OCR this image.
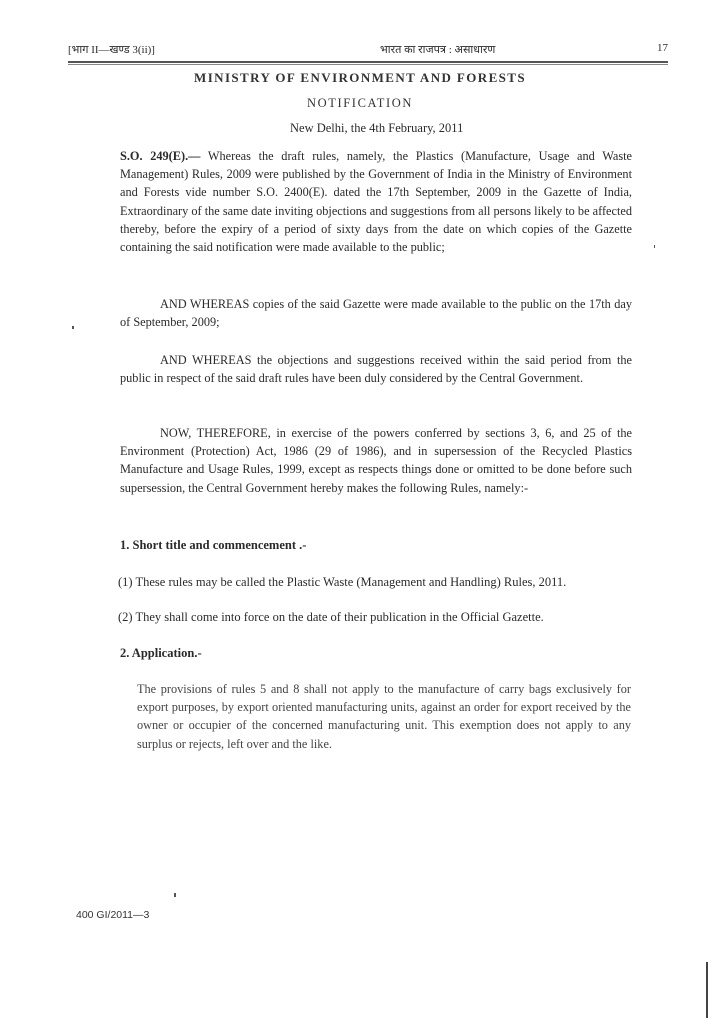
[भाग II—खण्ड 3(ii)]	भारत का राजपत्र : असाधारण	17
MINISTRY OF ENVIRONMENT AND FORESTS
NOTIFICATION
New Delhi, the 4th February, 2011
S.O. 249(E).— Whereas the draft rules, namely, the Plastics (Manufacture, Usage and Waste Management) Rules, 2009 were published by the Government of India in the Ministry of Environment and Forests vide number S.O. 2400(E). dated the 17th September, 2009 in the Gazette of India, Extraordinary of the same date inviting objections and suggestions from all persons likely to be affected thereby, before the expiry of a period of sixty days from the date on which copies of the Gazette containing the said notification were made available to the public;
AND WHEREAS copies of the said Gazette were made available to the public on the 17th day of September, 2009;
AND WHEREAS the objections and suggestions received within the said period from the public in respect of the said draft rules have been duly considered by the Central Government.
NOW, THEREFORE, in exercise of the powers conferred by sections 3, 6, and 25 of the Environment (Protection) Act, 1986 (29 of 1986), and in supersession of the Recycled Plastics Manufacture and Usage Rules, 1999, except as respects things done or omitted to be done before such supersession, the Central Government hereby makes the following Rules, namely:-
1. Short title and commencement .-
(1) These rules may be called the Plastic Waste (Management and Handling) Rules, 2011.
(2) They shall come into force on the date of their publication in the Official Gazette.
2. Application.-
The provisions of rules 5 and 8 shall not apply to the manufacture of carry bags exclusively for export purposes, by export oriented manufacturing units, against an order for export received by the owner or occupier of the concerned manufacturing unit. This exemption does not apply to any surplus or rejects, left over and the like.
400 GI/2011—3
